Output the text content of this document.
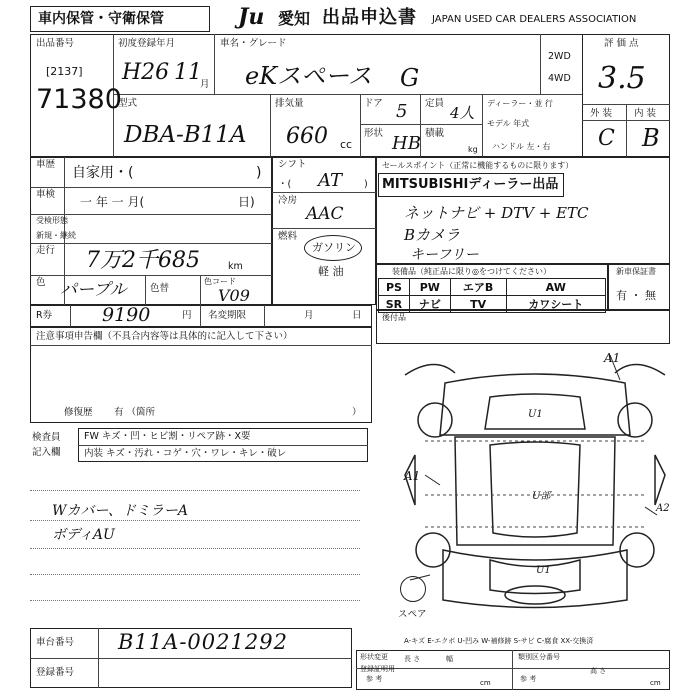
車内保管・守衛保管	Ju 愛知 出品申込書 JAPAN USED CAR DEALERS ASSOCIATION
出品番号
[2137]
71380
初度登録年月
H26 11
月
車名・グレード
eKスペース G
2WD
4WD
評 価 点
3.5
外 装 内 装
C B
型式
DBA-B11A
排気量
660 cc
ドア 5 定員
4人
ディーラー・並 行
モデル 年式
ハンドル 左・右
形状 HB 積載
kg
車歴
自家用・(	)
車検
一 年 一 月(	日)
受検形態
新規・継続
走行 7万2千685	km
色 パープル 色替
色コード
V09
シフト
AT
・(	)
冷房
AAC
燃料
ガソリン
軽 油
セールスポイント（正常に機能するものに限ります）
MITSUBISHIディーラー出品
ネットナビ + DTV + ETC
Bカメラ
キーフリー
装備品（純正品に限り◎をつけてください）
PS	PW	エアB	AW
SR	ナビ	TV	カワシート
新車保証書
有 ・ 無
R券	9190	円 名変期限	月	日	後付品
注意事項申告欄（不具合内容等は具体的に記入して下さい）
修復歴 有 （箇所	）
検査員
記入欄
FW キズ・凹・ヒビ割・リペア跡・X要
内装 キズ・汚れ・コゲ・穴・ワレ・キレ・破レ
Wカバー、ドミラーA
ボディAU
A1
U1
A1
U部
A2
U1
スペア
A-キズ E-エクボ U-凹み W-補修跡 S-サビ C-腐食 XX-交換済
車台番号 B11A-0021292
登録番号
形状変更
参 考
登録証明用
長 さ	幅
cm
類別区分番号
参 考
高 さ
cm
